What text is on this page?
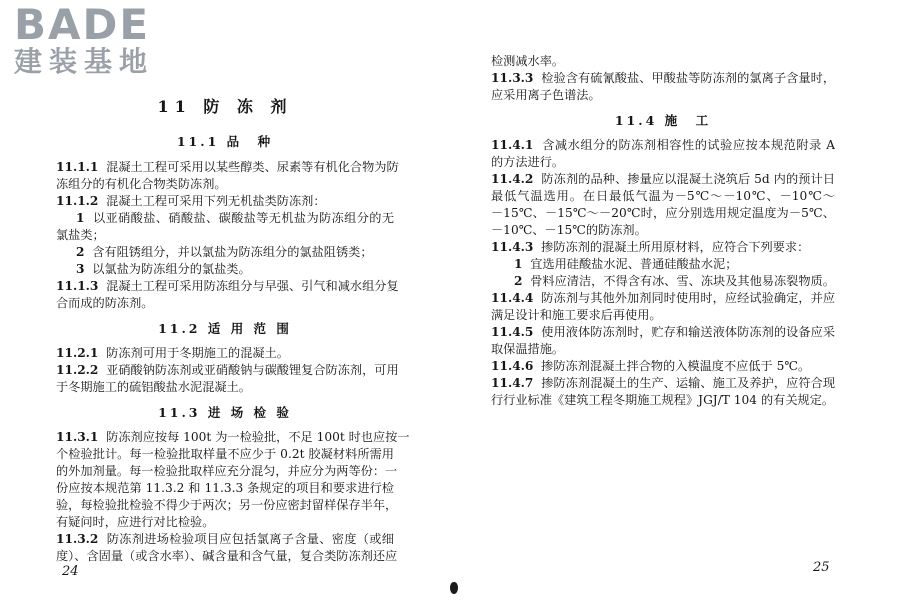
BADE
建装基地
11 防 冻 剂
11.1 品　种
11.1.1 混凝土工程可采用以某些醇类、尿素等有机化合物为防
冻组分的有机化合物类防冻剂。
11.1.2 混凝土工程可采用下列无机盐类防冻剂：
1 以亚硝酸盐、硝酸盐、碳酸盐等无机盐为防冻组分的无
氯盐类；
2 含有阻锈组分，并以氯盐为防冻组分的氯盐阻锈类；
3 以氯盐为防冻组分的氯盐类。
11.1.3 混凝土工程可采用防冻组分与早强、引气和减水组分复
合而成的防冻剂。
11.2 适 用 范 围
11.2.1 防冻剂可用于冬期施工的混凝土。
11.2.2 亚硝酸钠防冻剂或亚硝酸钠与碳酸锂复合防冻剂，可用
于冬期施工的硫铝酸盐水泥混凝土。
11.3 进 场 检 验
11.3.1 防冻剂应按每 100t 为一检验批，不足 100t 时也应按一
个检验批计。每一检验批取样量不应少于 0.2t 胶凝材料所需用
的外加剂量。每一检验批取样应充分混匀，并应分为两等份：一
份应按本规范第 11.3.2 和 11.3.3 条规定的项目和要求进行检
验，每检验批检验不得少于两次；另一份应密封留样保存半年，
有疑问时，应进行对比检验。
11.3.2 防冻剂进场检验项目应包括氯离子含量、密度（或细
度）、含固量（或含水率）、碱含量和含气量，复合类防冻剂还应
24
检测减水率。
11.3.3 检验含有硫氰酸盐、甲酸盐等防冻剂的氯离子含量时，
应采用离子色谱法。
11.4 施　工
11.4.1 含减水组分的防冻剂相容性的试验应按本规范附录 A
的方法进行。
11.4.2 防冻剂的品种、掺量应以混凝土浇筑后 5d 内的预计日
最低气温选用。在日最低气温为－5℃～－10℃、－10℃～
－15℃、－15℃～－20℃时，应分别选用规定温度为－5℃、
－10℃、－15℃的防冻剂。
11.4.3 掺防冻剂的混凝土所用原材料，应符合下列要求：
1 宜选用硅酸盐水泥、普通硅酸盐水泥；
2 骨料应清洁，不得含有冰、雪、冻块及其他易冻裂物质。
11.4.4 防冻剂与其他外加剂同时使用时，应经试验确定，并应
满足设计和施工要求后再使用。
11.4.5 使用液体防冻剂时，贮存和输送液体防冻剂的设备应采
取保温措施。
11.4.6 掺防冻剂混凝土拌合物的入模温度不应低于 5℃。
11.4.7 掺防冻剂混凝土的生产、运输、施工及养护，应符合现
行行业标准《建筑工程冬期施工规程》JGJ/T 104 的有关规定。
25
